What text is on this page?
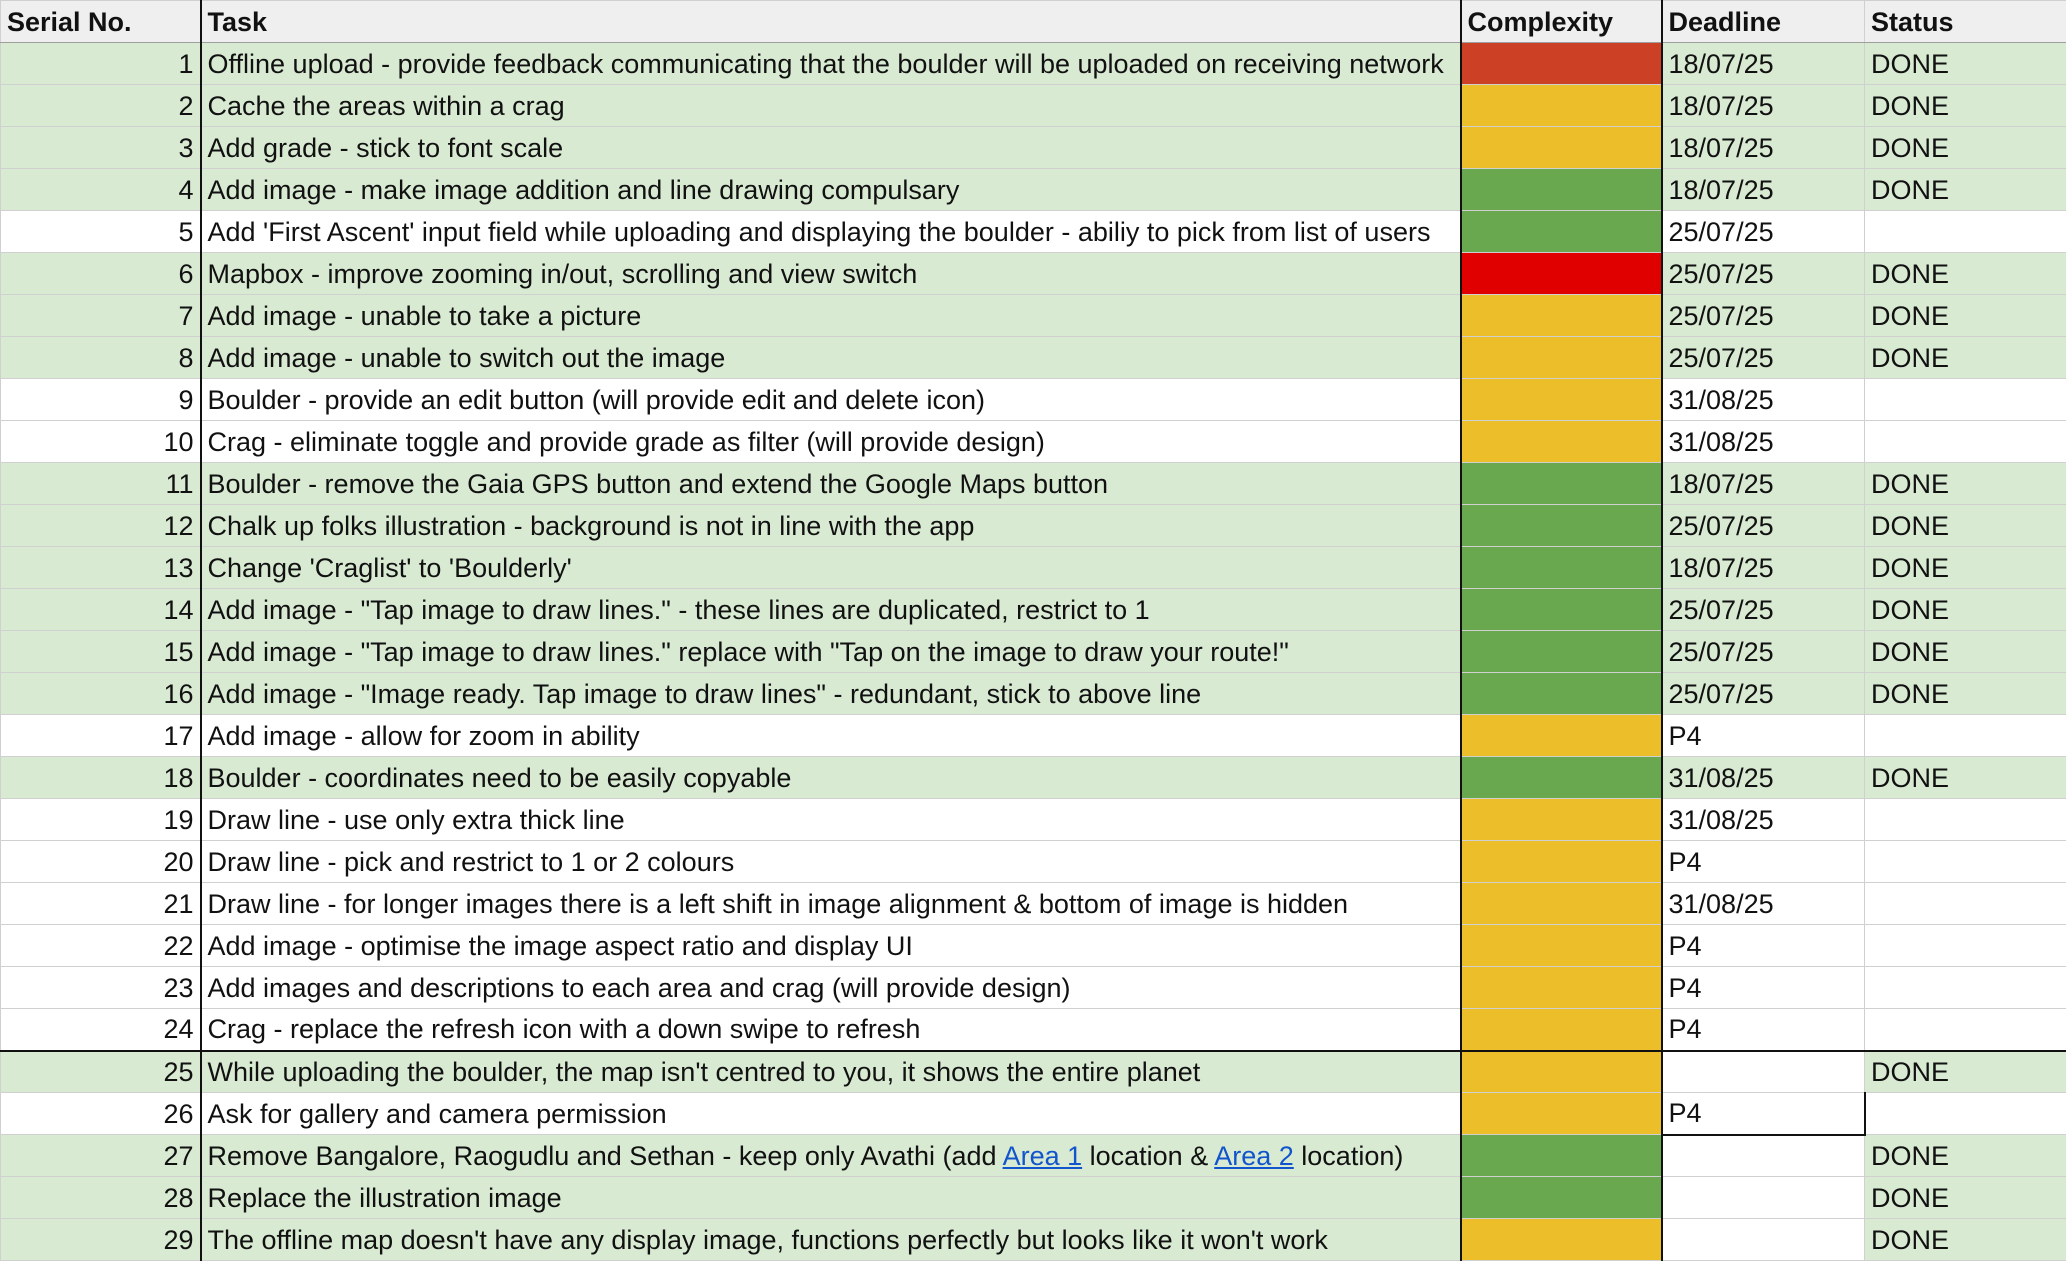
Serial No.	Task	Complexity	Deadline	Status
1	Offline upload - provide feedback communicating that the boulder will be uploaded on receiving network		18/07/25	DONE
2	Cache the areas within a crag		18/07/25	DONE
3	Add grade - stick to font scale		18/07/25	DONE
4	Add image - make image addition and line drawing compulsary		18/07/25	DONE
5	Add 'First Ascent' input field while uploading and displaying the boulder - abiliy to pick from list of users		25/07/25	
6	Mapbox - improve zooming in/out, scrolling and view switch		25/07/25	DONE
7	Add image - unable to take a picture		25/07/25	DONE
8	Add image - unable to switch out the image		25/07/25	DONE
9	Boulder - provide an edit button (will provide edit and delete icon)		31/08/25	
10	Crag - eliminate toggle and provide grade as filter (will provide design)		31/08/25	
11	Boulder - remove the Gaia GPS button and extend the Google Maps button		18/07/25	DONE
12	Chalk up folks illustration - background is not in line with the app		25/07/25	DONE
13	Change 'Craglist' to 'Boulderly'		18/07/25	DONE
14	Add image - "Tap image to draw lines." - these lines are duplicated, restrict to 1		25/07/25	DONE
15	Add image - "Tap image to draw lines." replace with "Tap on the image to draw your route!"		25/07/25	DONE
16	Add image - "Image ready. Tap image to draw lines" - redundant, stick to above line		25/07/25	DONE
17	Add image - allow for zoom in ability		P4	
18	Boulder - coordinates need to be easily copyable		31/08/25	DONE
19	Draw line - use only extra thick line		31/08/25	
20	Draw line - pick and restrict to 1 or 2 colours		P4	
21	Draw line - for longer images there is a left shift in image alignment & bottom of image is hidden		31/08/25	
22	Add image - optimise the image aspect ratio and display UI		P4	
23	Add images and descriptions to each area and crag (will provide design)		P4	
24	Crag - replace the refresh icon with a down swipe to refresh		P4	
25	While uploading the boulder, the map isn't centred to you, it shows the entire planet			DONE
26	Ask for gallery and camera permission		P4	
27	Remove Bangalore, Raogudlu and Sethan - keep only Avathi (add Area 1 location & Area 2 location)			DONE
28	Replace the illustration image			DONE
29	The offline map doesn't have any display image, functions perfectly but looks like it won't work			DONE
